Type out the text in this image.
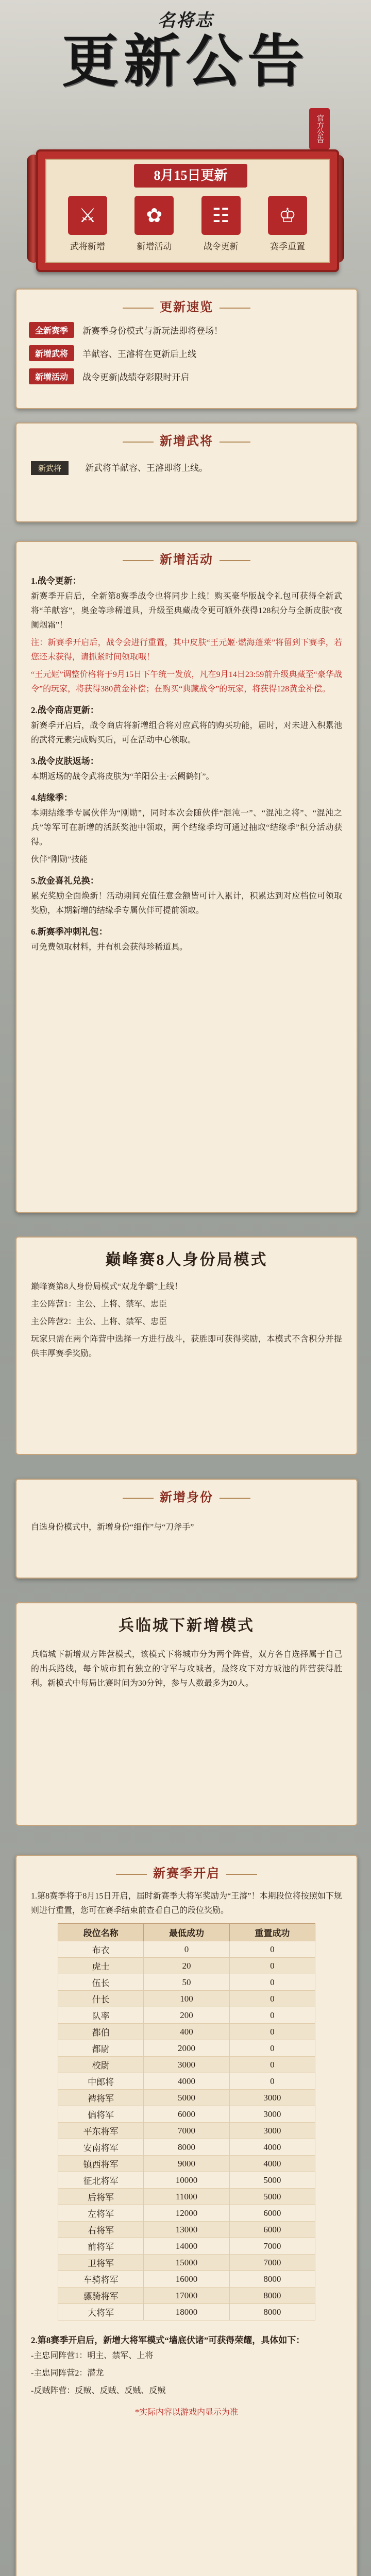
名将志
更新公告
官方公告
8月15日更新
⚔
武将新增
✿
新增活动
☷
战令更新
♔
赛季重置
更新速览
全新赛季	新赛季身份模式与新玩法即将登场！
新增武将	羊献容、王濬将在更新后上线
新增活动	战令更新|战绩夺彩限时开启
新增武将
新武将	新武将羊献容、王濬即将上线。
新增活动
1.战令更新：
新赛季开启后，全新第8赛季战令也将同步上线！购买豪华版战令礼包可获得全新武将“羊献容”，奥金等珍稀道具，升级至典藏战令更可额外获得128积分与全新皮肤“夜阑烟霜”！
注：新赛季开启后，战令会进行重置，其中皮肤“王元姬·燃海蓬莱”将留到下赛季，若您还未获得，请抓紧时间领取哦！
“王元姬”调整价格将于9月15日下午统一发放，凡在9月14日23:59前升级典藏至“豪华战令”的玩家，将获得380黄金补偿；在购买“典藏战令”的玩家，将获得128黄金补偿。
2.战令商店更新：
新赛季开启后，战令商店将新增组合将对应武将的购买功能，届时，对未进入积累池的武将元素完成购买后，可在活动中心领取。
3.战令皮肤返场：
本期返场的战令武将皮肤为“羊阳公主·云阙鹤钉”。
4.结缘季：
本期结缘季专属伙伴为“刚勋”，同时本次会随伙伴“混沌一”、“混沌之将”、“混沌之兵”等军可在新增的活跃奖池中领取，两个结缘季均可通过抽取“结缘季”积分活动获得。
伙伴“刚勋”技能
5.放金喜礼兑换：
累充奖励全面焕新！活动期间充值任意金额皆可计入累计，积累达到对应档位可领取奖励，本期新增的结缘季专属伙伴可提前领取。
6.新赛季冲刺礼包：
可免费领取材料，并有机会获得珍稀道具。
巅峰赛8人身份局模式
巅峰赛第8人身份局模式“双龙争霸”上线！
主公阵营1：主公、上将、禁军、忠臣
主公阵营2：主公、上将、禁军、忠臣
玩家只需在两个阵营中选择一方进行战斗，获胜即可获得奖励，本模式不含积分并提供丰厚赛季奖励。
新增身份
自选身份模式中，新增身份“细作”与“刀斧手”
兵临城下新增模式
兵临城下新增双方阵营模式，该模式下将城市分为两个阵营，双方各自选择属于自己的出兵路线，每个城市拥有独立的守军与攻城者，最终攻下对方城池的阵营获得胜利。新模式中每局比赛时间为30分钟，参与人数最多为20人。
新赛季开启
1.第8赛季将于8月15日开启，届时新赛季大将军奖励为“王濬”！本期段位将按照如下规则进行重置，您可在赛季结束前查看自己的段位奖励。
段位名称	最低成功	重置成功
布衣	0	0
虎士	20	0
伍长	50	0
什长	100	0
队率	200	0
都伯	400	0
都尉	2000	0
校尉	3000	0
中郎将	4000	0
裨将军	5000	3000
偏将军	6000	3000
平东将军	7000	3000
安南将军	8000	4000
镇西将军	9000	4000
征北将军	10000	5000
后将军	11000	5000
左将军	12000	6000
右将军	13000	6000
前将军	14000	7000
卫将军	15000	7000
车骑将军	16000	8000
骠骑将军	17000	8000
大将军	18000	8000
2.第8赛季开启后，新增大将军模式“墙底伏诸”可获得荣耀，具体如下：
-主忠同阵营1：明主、禁军、上将
-主忠同阵营2：潜龙
-反贼阵营：反贼、反贼、反贼、反贼
*实际内容以游戏内显示为准
